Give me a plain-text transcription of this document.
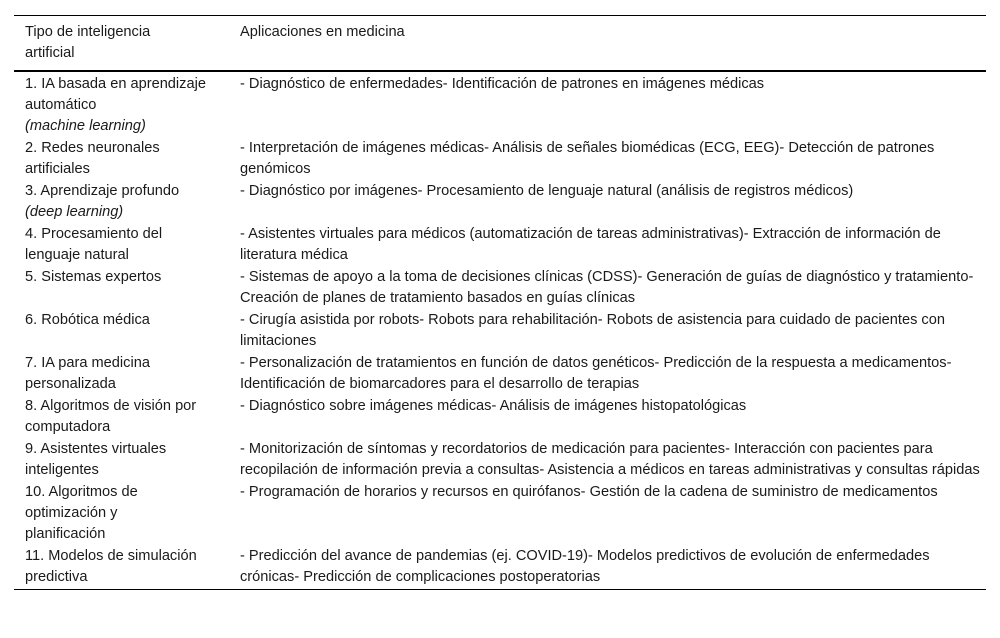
Tipo de inteligencia artificial	Aplicaciones en medicina
1. IA basada en aprendizaje automático
(machine learning)	- Diagnóstico de enfermedades- Identificación de patrones en imágenes médicas
2. Redes neuronales artificiales	- Interpretación de imágenes médicas- Análisis de señales biomédicas (ECG, EEG)- Detección de patrones genómicos
3. Aprendizaje profundo
(deep learning)	- Diagnóstico por imágenes- Procesamiento de lenguaje natural (análisis de registros médicos)
4. Procesamiento del lenguaje natural	- Asistentes virtuales para médicos (automatización de tareas administrativas)- Extracción de información de literatura médica
5. Sistemas expertos	- Sistemas de apoyo a la toma de decisiones clínicas (CDSS)- Generación de guías de diagnóstico y tratamiento- Creación de planes de tratamiento basados en guías clínicas
6. Robótica médica	- Cirugía asistida por robots- Robots para rehabilitación- Robots de asistencia para cuidado de pacientes con limitaciones
7. IA para medicina personalizada	- Personalización de tratamientos en función de datos genéticos- Predicción de la respuesta a medicamentos- Identificación de biomarcadores para el desarrollo de terapias
8. Algoritmos de visión por computadora	- Diagnóstico sobre imágenes médicas- Análisis de imágenes histopatológicas
9. Asistentes virtuales inteligentes	- Monitorización de síntomas y recordatorios de medicación para pacientes- Interacción con pacientes para recopilación de información previa a consultas- Asistencia a médicos en tareas administrativas y consultas rápidas
10. Algoritmos de optimización y planificación	- Programación de horarios y recursos en quirófanos- Gestión de la cadena de suministro de medicamentos
11. Modelos de simulación predictiva	- Predicción del avance de pandemias (ej. COVID-19)- Modelos predictivos de evolución de enfermedades crónicas- Predicción de complicaciones postoperatorias
